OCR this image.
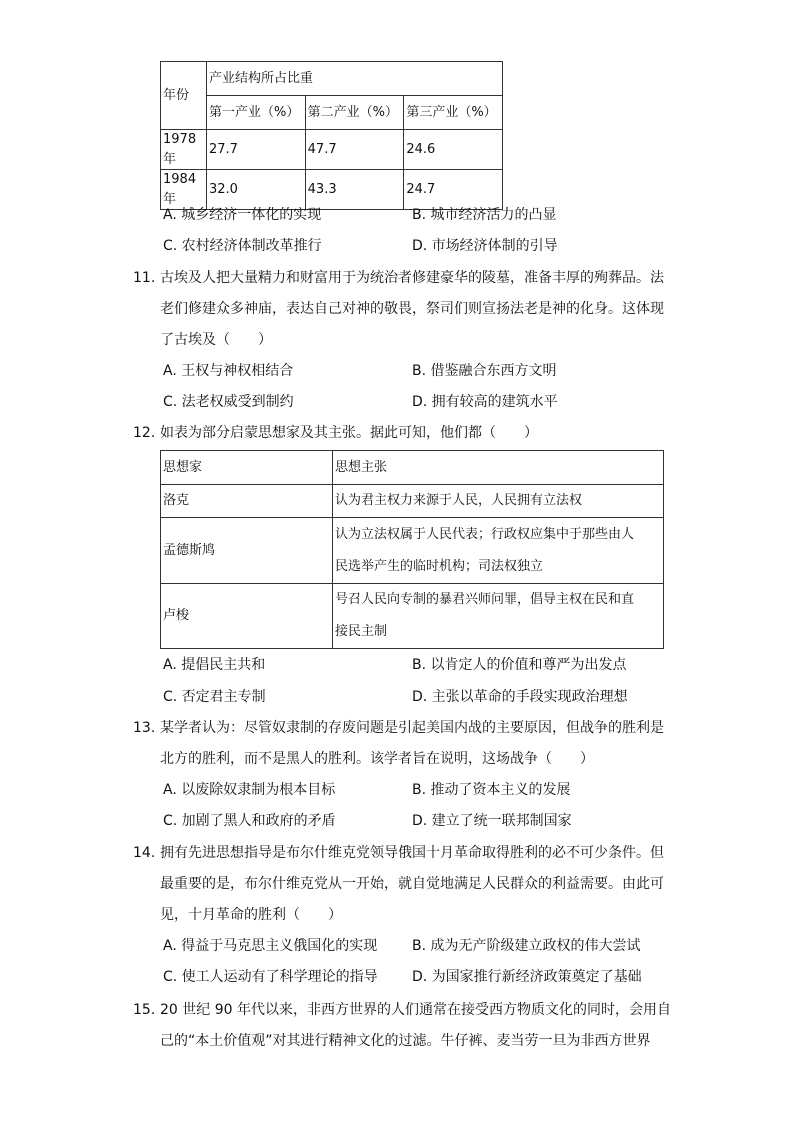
年份	产业结构所占比重		
	第一产业（%）	第二产业（%）	第三产业（%）
1978年	27.7	47.7	24.6
1984年	32.0	43.3	24.7
A. 城乡经济一体化的实现	B. 城市经济活力的凸显
C. 农村经济体制改革推行	D. 市场经济体制的引导
11. 古埃及人把大量精力和财富用于为统治者修建豪华的陵墓，准备丰厚的殉葬品。法
老们修建众多神庙，表达自己对神的敬畏，祭司们则宣扬法老是神的化身。这体现
了古埃及（　　）
A. 王权与神权相结合	B. 借鉴融合东西方文明
C. 法老权威受到制约	D. 拥有较高的建筑水平
12. 如表为部分启蒙思想家及其主张。据此可知，他们都（　　）
思想家	思想主张
洛克	认为君主权力来源于人民，人民拥有立法权
孟德斯鸠	认为立法权属于人民代表；行政权应集中于那些由人
民选举产生的临时机构；司法权独立

卢梭	号召人民向专制的暴君兴师问罪，倡导主权在民和直
接民主制
A. 提倡民主共和	B. 以肯定人的价值和尊严为出发点
C. 否定君主专制	D. 主张以革命的手段实现政治理想
13. 某学者认为：尽管奴隶制的存废问题是引起美国内战的主要原因，但战争的胜利是
北方的胜利，而不是黑人的胜利。该学者旨在说明，这场战争（　　）
A. 以废除奴隶制为根本目标	B. 推动了资本主义的发展
C. 加剧了黑人和政府的矛盾	D. 建立了统一联邦制国家
14. 拥有先进思想指导是布尔什维克党领导俄国十月革命取得胜利的必不可少条件。但
最重要的是，布尔什维克党从一开始，就自觉地满足人民群众的利益需要。由此可
见，十月革命的胜利（　　）
A. 得益于马克思主义俄国化的实现 B. 成为无产阶级建立政权的伟大尝试
C. 使工人运动有了科学理论的指导 D. 为国家推行新经济政策奠定了基础
15. 20 世纪 90 年代以来，非西方世界的人们通常在接受西方物质文化的同时，会用自
己的“本土价值观”对其进行精神文化的过滤。牛仔裤、麦当劳一旦为非西方世界
